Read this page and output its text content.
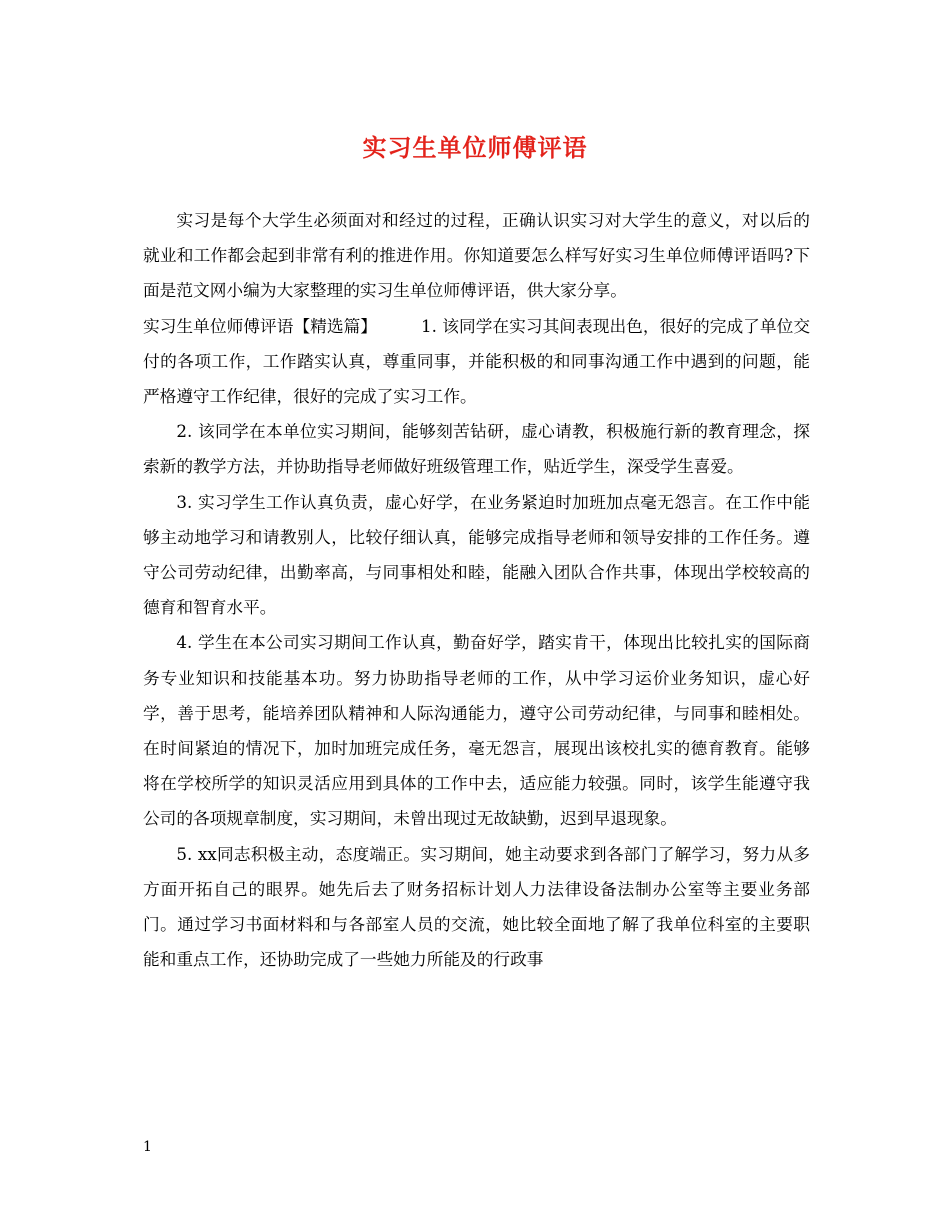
实习生单位师傅评语

实习是每个大学生必须面对和经过的过程，正确认识实习对大学生的意义，对以后的就业和工作都会起到非常有利的推进作用。你知道要怎么样写好实习生单位师傅评语吗?下面是范文网小编为大家整理的实习生单位师傅评语，供大家分享。

实习生单位师傅评语【精选篇】	1. 该同学在实习其间表现出色，很好的完成了单位交付的各项工作，工作踏实认真，尊重同事，并能积极的和同事沟通工作中遇到的问题，能严格遵守工作纪律，很好的完成了实习工作。

2. 该同学在本单位实习期间，能够刻苦钻研，虚心请教，积极施行新的教育理念，探索新的教学方法，并协助指导老师做好班级管理工作，贴近学生，深受学生喜爱。

3. 实习学生工作认真负责，虚心好学，在业务紧迫时加班加点毫无怨言。在工作中能够主动地学习和请教别人，比较仔细认真，能够完成指导老师和领导安排的工作任务。遵守公司劳动纪律，出勤率高，与同事相处和睦，能融入团队合作共事，体现出学校较高的德育和智育水平。

4. 学生在本公司实习期间工作认真，勤奋好学，踏实肯干，体现出比较扎实的国际商务专业知识和技能基本功。努力协助指导老师的工作，从中学习运价业务知识，虚心好学，善于思考，能培养团队精神和人际沟通能力，遵守公司劳动纪律，与同事和睦相处。在时间紧迫的情况下，加时加班完成任务，毫无怨言，展现出该校扎实的德育教育。能够将在学校所学的知识灵活应用到具体的工作中去，适应能力较强。同时，该学生能遵守我公司的各项规章制度，实习期间，未曾出现过无故缺勤，迟到早退现象。

5. xx同志积极主动，态度端正。实习期间，她主动要求到各部门了解学习，努力从多方面开拓自己的眼界。她先后去了财务招标计划人力法律设备法制办公室等主要业务部门。通过学习书面材料和与各部室人员的交流，她比较全面地了解了我单位科室的主要职能和重点工作，还协助完成了一些她力所能及的行政事

1
